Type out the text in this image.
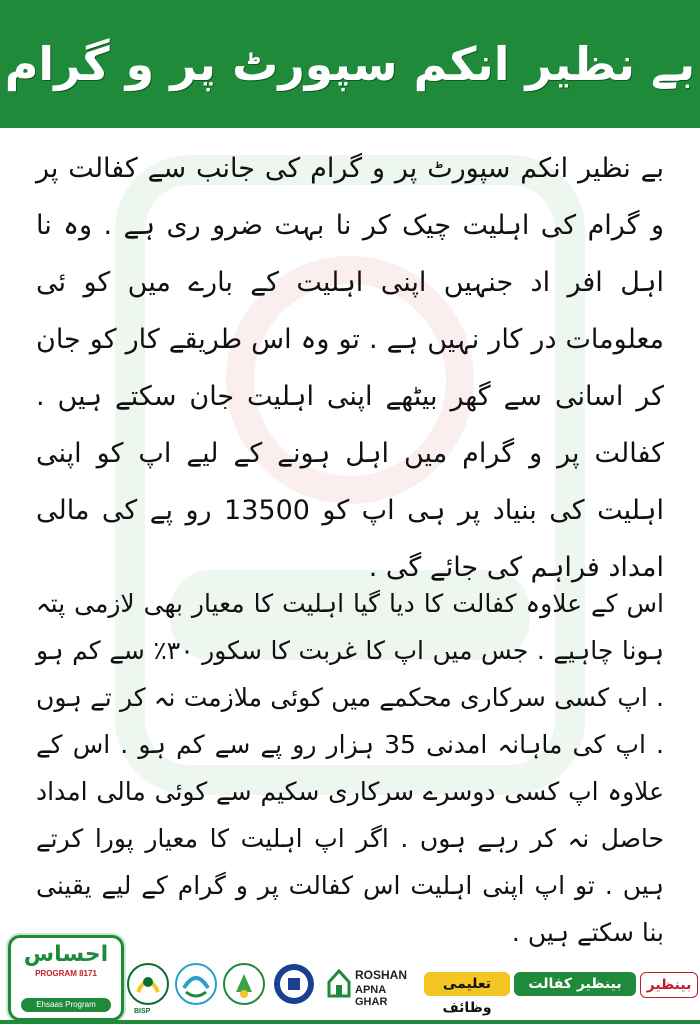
بے نظیر انکم سپورٹ پر و گرام
بے نظیر انکم سپورٹ پر و گرام کی جانب سے کفالت پر و گرام کی اہلیت چیک کر نا بہت ضرو ری ہے . وہ نا اہل افر اد جنہیں اپنی اہلیت کے بارے میں کو ئی معلومات در کار نہیں ہے . تو وہ اس طریقے کار کو جان کر اسانی سے گھر بیٹھے اپنی اہلیت جان سکتے ہیں . کفالت پر و گرام میں اہل ہونے کے لیے اپ کو اپنی اہلیت کی بنیاد پر ہی اپ کو 13500 رو پے کی مالی امداد فراہم کی جائے گی .
اس کے علاوہ کفالت کا دیا گیا اہلیت کا معیار بھی لازمی پتہ ہونا چاہیے . جس میں اپ کا غربت کا سکور ۳۰٪ سے کم ہو . اپ کسی سرکاری محکمے میں کوئی ملازمت نہ کر تے ہوں . اپ کی ماہانہ امدنی 35 ہزار رو پے سے کم ہو . اس کے علاوہ اپ کسی دوسرے سرکاری سکیم سے کوئی مالی امداد حاصل نہ کر رہے ہوں . اگر اپ اہلیت کا معیار پورا کرتے ہیں . تو اپ اپنی اہلیت اس کفالت پر و گرام کے لیے یقینی بنا سکتے ہیں .
احساس
PROGRAM 8171
Ehsaas Program
BISP
ROSHAN
APNA GHAR
تعلیمی وظائف
بینظیر کفالت	بینظیر
